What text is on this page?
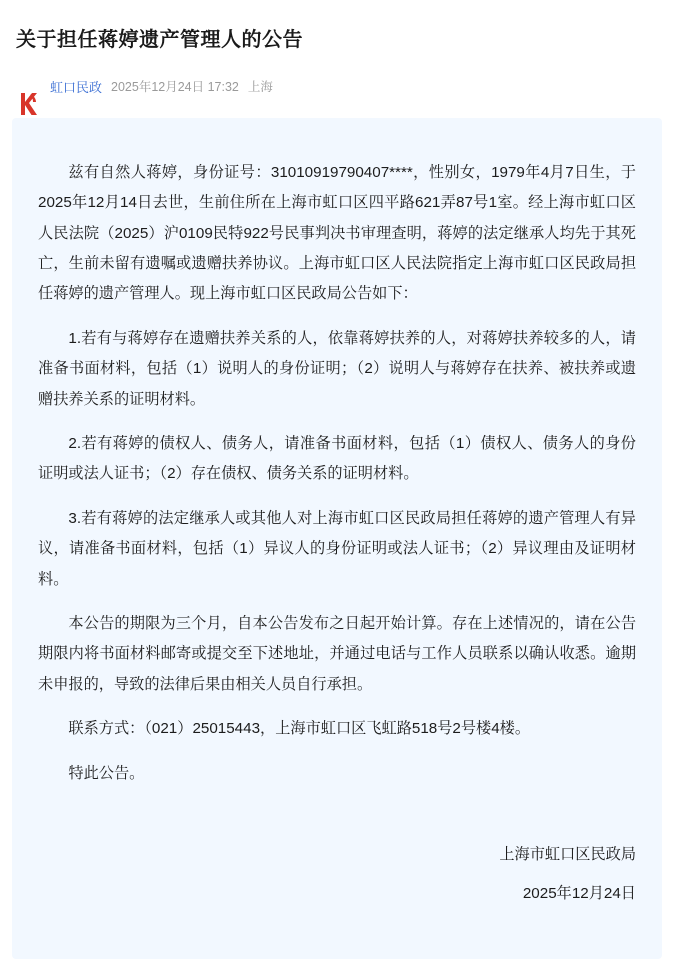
关于担任蒋婷遗产管理人的公告
虹口民政 2025年12月24日 17:32 上海

兹有自然人蒋婷，身份证号：31010919790407****，性别女，1979年4月7日生，于2025年12月14日去世，生前住所在上海市虹口区四平路621弄87号1室。经上海市虹口区人民法院（2025）沪0109民特922号民事判决书审理查明，蒋婷的法定继承人均先于其死亡，生前未留有遗嘱或遗赠扶养协议。上海市虹口区人民法院指定上海市虹口区民政局担任蒋婷的遗产管理人。现上海市虹口区民政局公告如下：

1.若有与蒋婷存在遗赠扶养关系的人，依靠蒋婷扶养的人，对蒋婷扶养较多的人，请准备书面材料，包括（1）说明人的身份证明；（2）说明人与蒋婷存在扶养、被扶养或遗赠扶养关系的证明材料。

2.若有蒋婷的债权人、债务人，请准备书面材料，包括（1）债权人、债务人的身份证明或法人证书；（2）存在债权、债务关系的证明材料。

3.若有蒋婷的法定继承人或其他人对上海市虹口区民政局担任蒋婷的遗产管理人有异议，请准备书面材料，包括（1）异议人的身份证明或法人证书；（2）异议理由及证明材料。

本公告的期限为三个月，自本公告发布之日起开始计算。存在上述情况的，请在公告期限内将书面材料邮寄或提交至下述地址，并通过电话与工作人员联系以确认收悉。逾期未申报的，导致的法律后果由相关人员自行承担。

联系方式：（021）25015443，上海市虹口区飞虹路518号2号楼4楼。

特此公告。

上海市虹口区民政局

2025年12月24日
